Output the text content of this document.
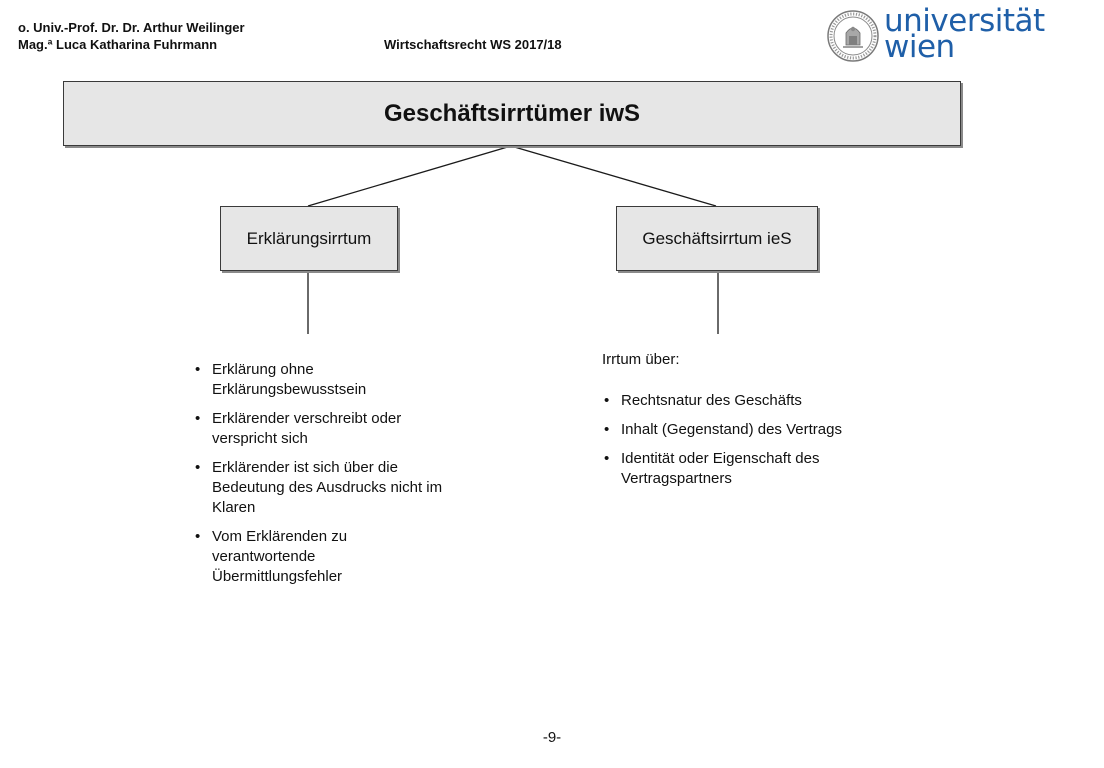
o. Univ.-Prof. Dr. Dr. Arthur Weilinger
Mag.ª Luca Katharina Fuhrmann	Wirtschaftsrecht WS 2017/18
universität
wien
Geschäftsirrtümer iwS
Erklärungsirrtum	Geschäftsirrtum ieS
• Erklärung ohne Erklärungsbewusstsein
• Erklärender verschreibt oder verspricht sich
• Erklärender ist sich über die Bedeutung des Ausdrucks nicht im Klaren
• Vom Erklärenden zu verantwortende Übermittlungsfehler
Irrtum über:
• Rechtsnatur des Geschäfts
• Inhalt (Gegenstand) des Vertrags
• Identität oder Eigenschaft des Vertragspartners
-9-
